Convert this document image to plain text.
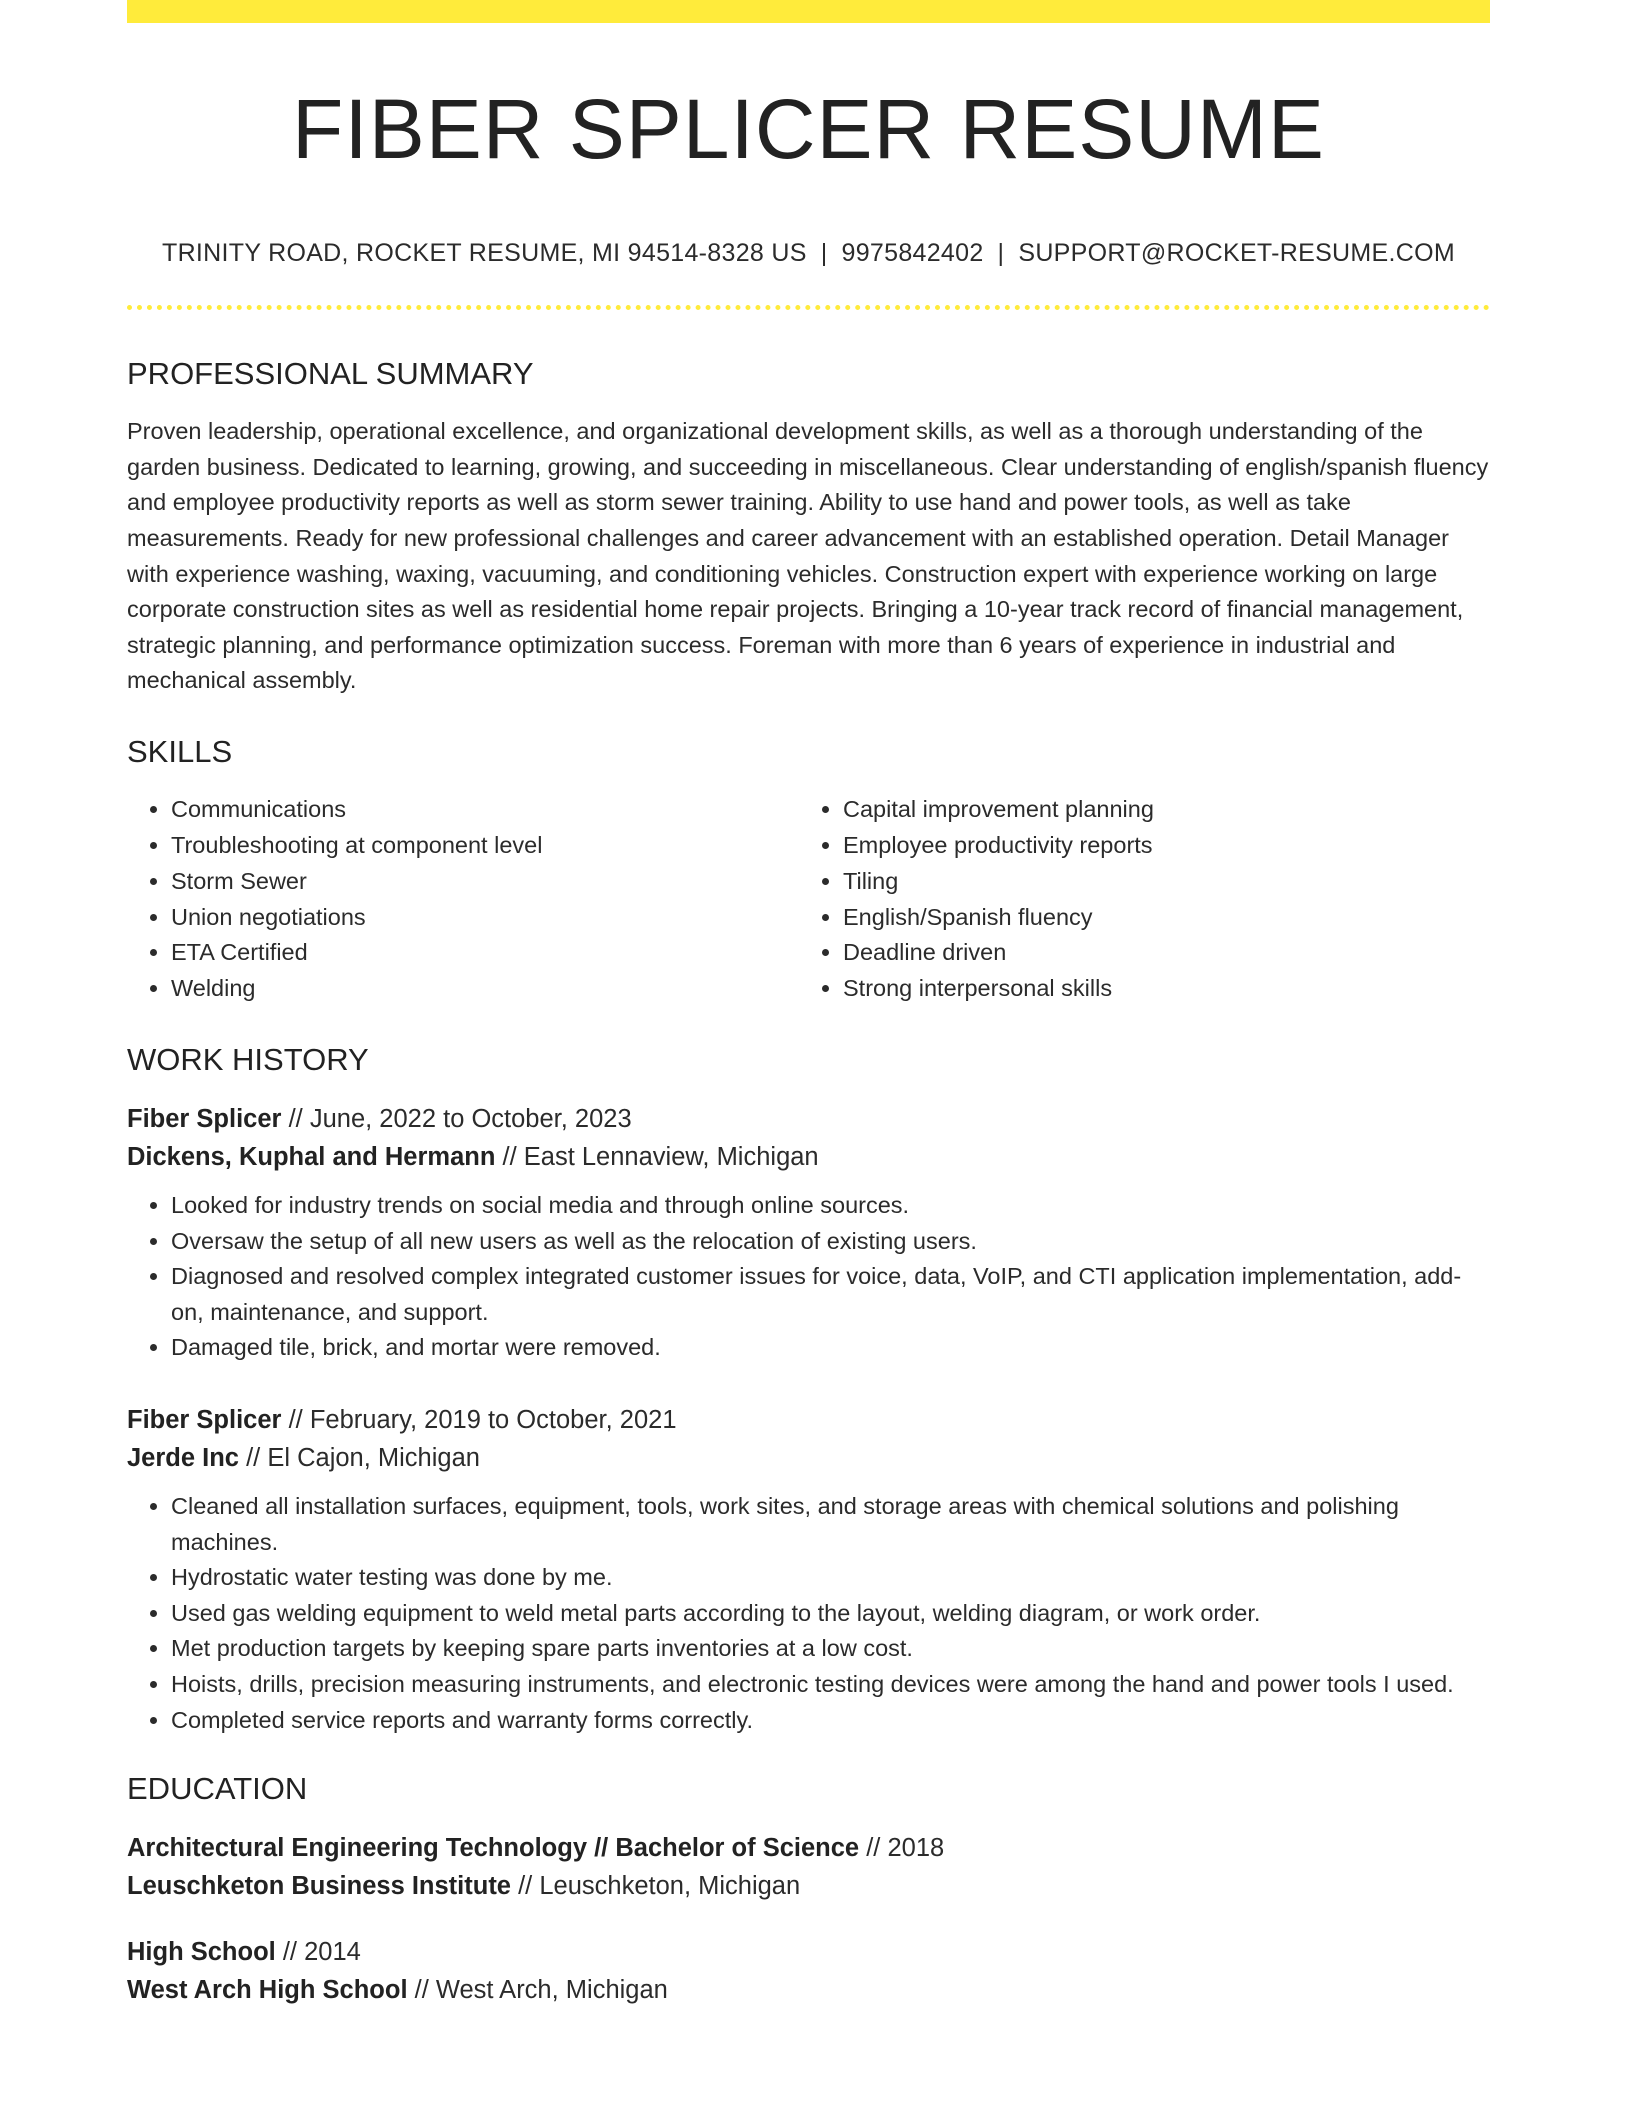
FIBER SPLICER RESUME
TRINITY ROAD, ROCKET RESUME, MI 94514-8328 US | 9975842402 | SUPPORT@ROCKET-RESUME.COM
PROFESSIONAL SUMMARY
Proven leadership, operational excellence, and organizational development skills, as well as a thorough understanding of the garden business. Dedicated to learning, growing, and succeeding in miscellaneous. Clear understanding of english/spanish fluency and employee productivity reports as well as storm sewer training. Ability to use hand and power tools, as well as take measurements. Ready for new professional challenges and career advancement with an established operation. Detail Manager with experience washing, waxing, vacuuming, and conditioning vehicles. Construction expert with experience working on large corporate construction sites as well as residential home repair projects. Bringing a 10-year track record of financial management, strategic planning, and performance optimization success. Foreman with more than 6 years of experience in industrial and mechanical assembly.
SKILLS
• Communications
• Troubleshooting at component level
• Storm Sewer
• Union negotiations
• ETA Certified
• Welding
• Capital improvement planning
• Employee productivity reports
• Tiling
• English/Spanish fluency
• Deadline driven
• Strong interpersonal skills
WORK HISTORY
Fiber Splicer // June, 2022 to October, 2023
Dickens, Kuphal and Hermann // East Lennaview, Michigan
• Looked for industry trends on social media and through online sources.
• Oversaw the setup of all new users as well as the relocation of existing users.
• Diagnosed and resolved complex integrated customer issues for voice, data, VoIP, and CTI application implementation, add-on, maintenance, and support.
• Damaged tile, brick, and mortar were removed.
Fiber Splicer // February, 2019 to October, 2021
Jerde Inc // El Cajon, Michigan
• Cleaned all installation surfaces, equipment, tools, work sites, and storage areas with chemical solutions and polishing machines.
• Hydrostatic water testing was done by me.
• Used gas welding equipment to weld metal parts according to the layout, welding diagram, or work order.
• Met production targets by keeping spare parts inventories at a low cost.
• Hoists, drills, precision measuring instruments, and electronic testing devices were among the hand and power tools I used.
• Completed service reports and warranty forms correctly.
EDUCATION
Architectural Engineering Technology // Bachelor of Science // 2018
Leuschketon Business Institute // Leuschketon, Michigan
High School // 2014
West Arch High School // West Arch, Michigan
